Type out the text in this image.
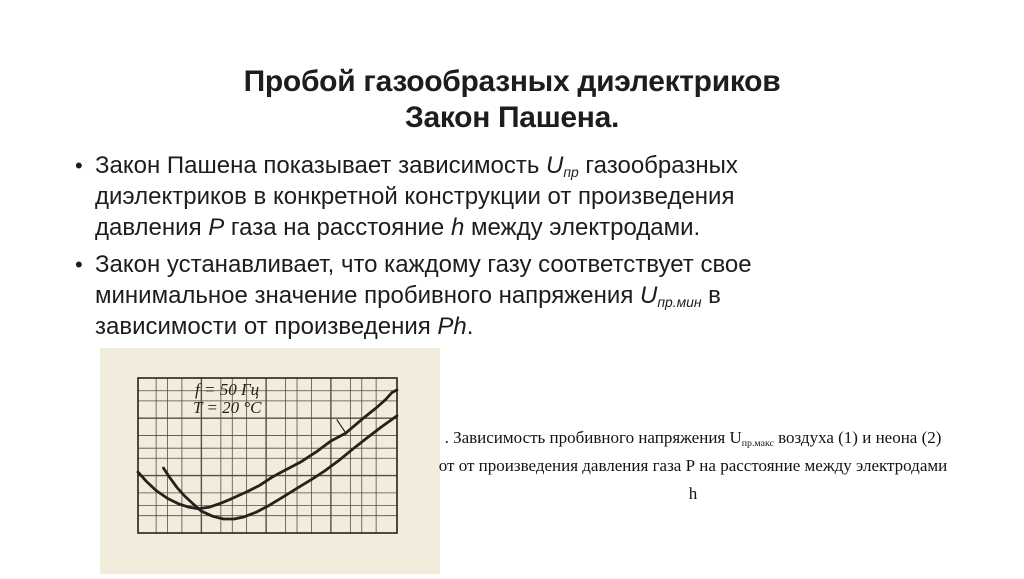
Пробой газообразных диэлектриков
Закон Пашена.
• Закон Пашена показывает зависимость $U_{пр}$ газообразных диэлектриков в конкретной конструкции от произведения давления P газа на расстояние h между электродами.
• Закон устанавливает, что каждому газу соответствует свое минимальное значение пробивного напряжения $U_{пр.мин}$ в зависимости от произведения Ph.
f = 50 Гц
T = 20 °C
. Зависимость пробивного напряжения $U_{пр.макс}$ воздуха (1) и неона (2) от от произведения давления газа Р на расстояние между электродами h
